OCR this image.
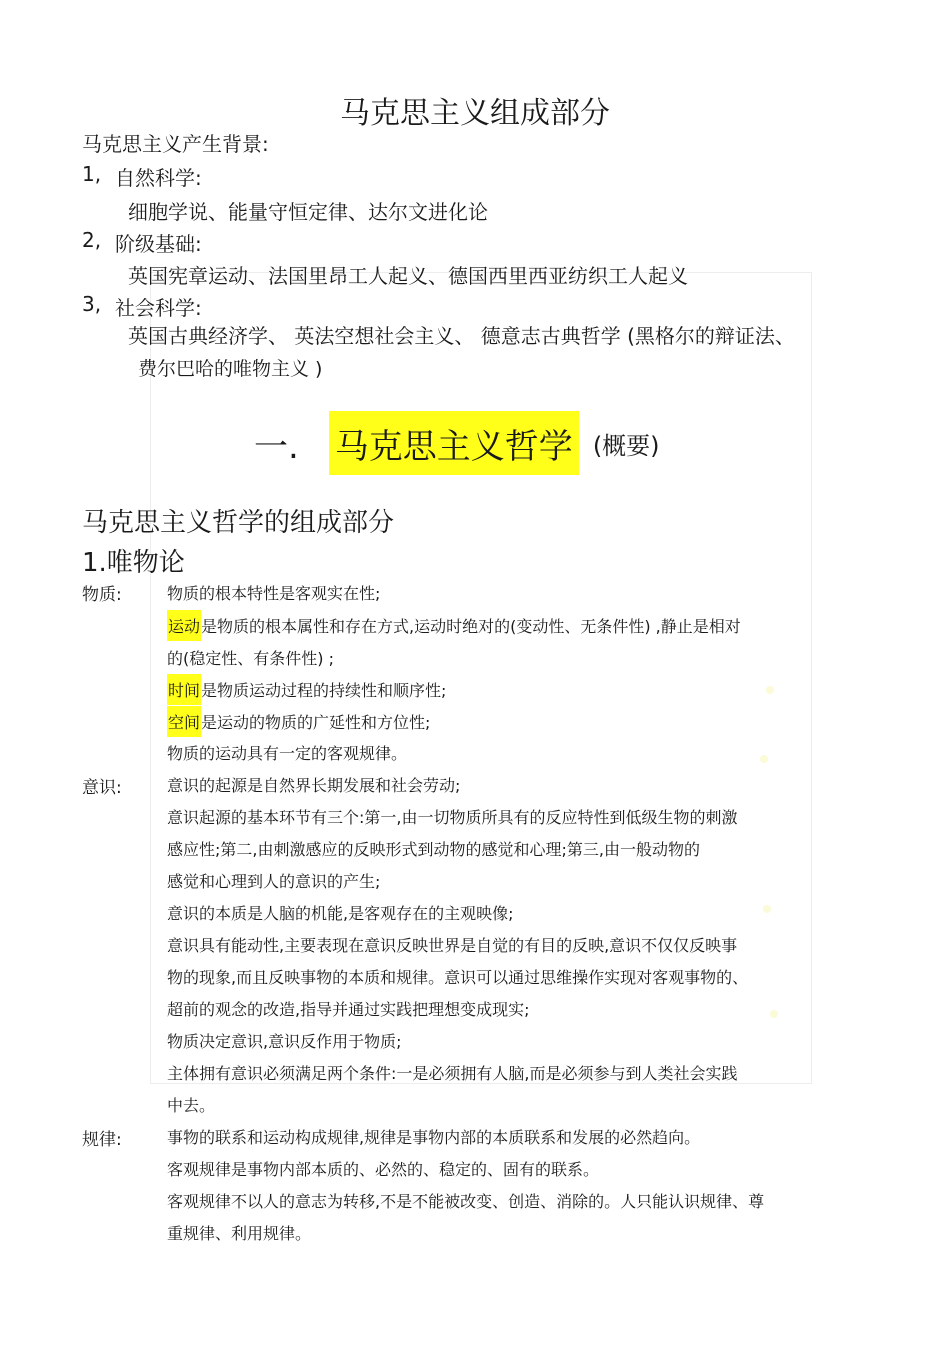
马克思主义组成部分
马克思主义产生背景:
1, 自然科学:
细胞学说、能量守恒定律、达尔文进化论
2, 阶级基础:
英国宪章运动、法国里昂工人起义、德国西里西亚纺织工人起义
3, 社会科学:
英国古典经济学、 英法空想社会主义、 德意志古典哲学 (黑格尔的辩证法、
费尔巴哈的唯物主义 )
一. 马克思主义哲学 (概要)
马克思主义哲学的组成部分
1.唯物论
物质:	物质的根本特性是客观实在性;
运动是物质的根本属性和存在方式,运动时绝对的(变动性、无条件性) ,静止是相对
的(稳定性、有条件性) ;
时间是物质运动过程的持续性和顺序性;
空间是运动的物质的广延性和方位性;
物质的运动具有一定的客观规律。
意识:	意识的起源是自然界长期发展和社会劳动;
意识起源的基本环节有三个:第一,由一切物质所具有的反应特性到低级生物的刺激
感应性;第二,由刺激感应的反映形式到动物的感觉和心理;第三,由一般动物的
感觉和心理到人的意识的产生;
意识的本质是人脑的机能,是客观存在的主观映像;
意识具有能动性,主要表现在意识反映世界是自觉的有目的反映,意识不仅仅反映事
物的现象,而且反映事物的本质和规律。意识可以通过思维操作实现对客观事物的、
超前的观念的改造,指导并通过实践把理想变成现实;
物质决定意识,意识反作用于物质;
主体拥有意识必须满足两个条件:一是必须拥有人脑,而是必须参与到人类社会实践
中去。
规律:	事物的联系和运动构成规律,规律是事物内部的本质联系和发展的必然趋向。
客观规律是事物内部本质的、必然的、稳定的、固有的联系。
客观规律不以人的意志为转移,不是不能被改变、创造、消除的。人只能认识规律、尊
重规律、利用规律。
